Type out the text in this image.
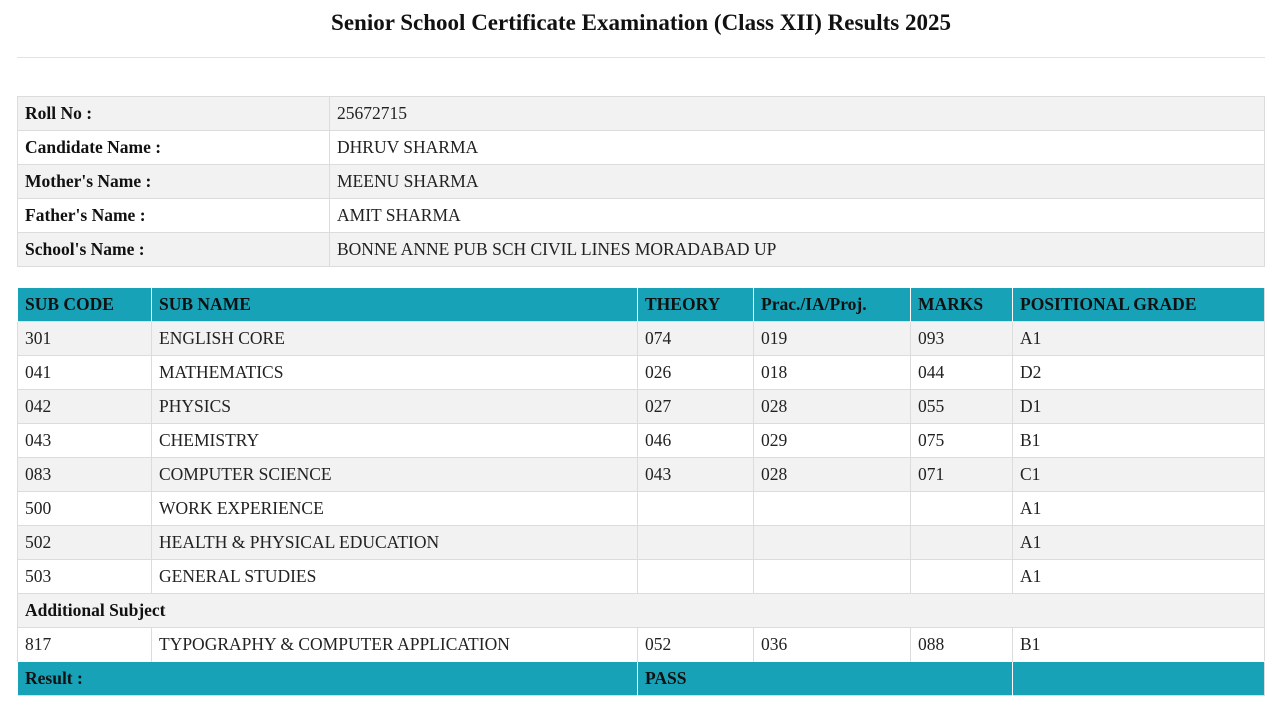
Senior School Certificate Examination (Class XII) Results 2025
Roll No :	25672715
Candidate Name :	DHRUV SHARMA
Mother's Name :	MEENU SHARMA
Father's Name :	AMIT SHARMA
School's Name :	BONNE ANNE PUB SCH CIVIL LINES MORADABAD UP
SUB CODE	SUB NAME	THEORY	Prac./IA/Proj.	MARKS	POSITIONAL GRADE
301	ENGLISH CORE	074	019	093	A1
041	MATHEMATICS	026	018	044	D2
042	PHYSICS	027	028	055	D1
043	CHEMISTRY	046	029	075	B1
083	COMPUTER SCIENCE	043	028	071	C1
500	WORK EXPERIENCE				A1
502	HEALTH & PHYSICAL EDUCATION				A1
503	GENERAL STUDIES				A1
Additional Subject					
817	TYPOGRAPHY & COMPUTER APPLICATION	052	036	088	B1
Result :		PASS			
